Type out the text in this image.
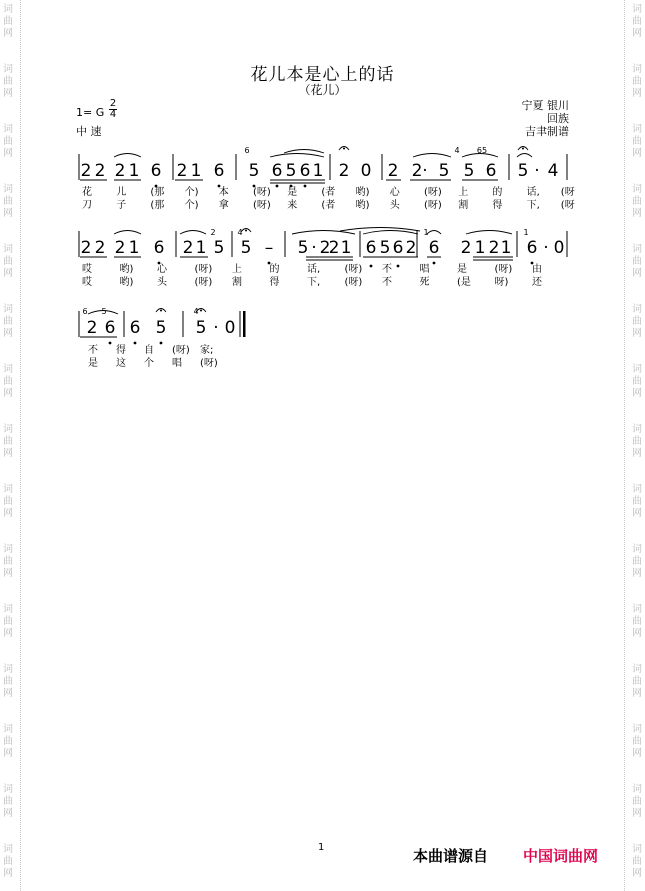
词
曲
网
词
曲
网
词
曲
网
词
曲
网
词
曲
网
词
曲
网
词
曲
网
词
曲
网
词
曲
网
词
曲
网
词
曲
网
词
曲
网
词
曲
网
词
曲
网
词
曲
网
词
曲
网
词
曲
网
词
曲
网
词
曲
网
词
曲
网
词
曲
网
词
曲
网
词
曲
网
词
曲
网
词
曲
网
词
曲
网
词
曲
网
词
曲
网
词
曲
网
词
曲
网
花儿本是心上的话
（花儿）
1= G
2
4
中 速
宁夏 银川
回族
吉聿制谱
2 2 2 1 6 2 1 6 5 6 5 6 1 2 0 2 2 · 5 5 6 5 · 4
2 2 2 1 6 2 1 5 5 – 5 · 2
2 1 6 5 6 2 6 2 1 2 1 6 · 0
2 6 6 5 5 · 0
6	4 65
2	4	1	1
6 5	4
花 儿 (那 个) 本 (呀) 是 (者 哟) 心 (呀) 上 的 话, (呀
刀 子 (那 个) 拿 (呀) 来 (者 哟) 头 (呀) 割 得 下, (呀
哎	哟) 心	(呀) 上	的	话, (呀) 不	唱	是	(呀) 由
哎	哟) 头	(呀) 割	得	下, (呀) 不	死	(是 呀) 还
不 得 自 (呀) 家;
是 这 个 唱 (呀)
1	本曲谱源自 中国词曲网
